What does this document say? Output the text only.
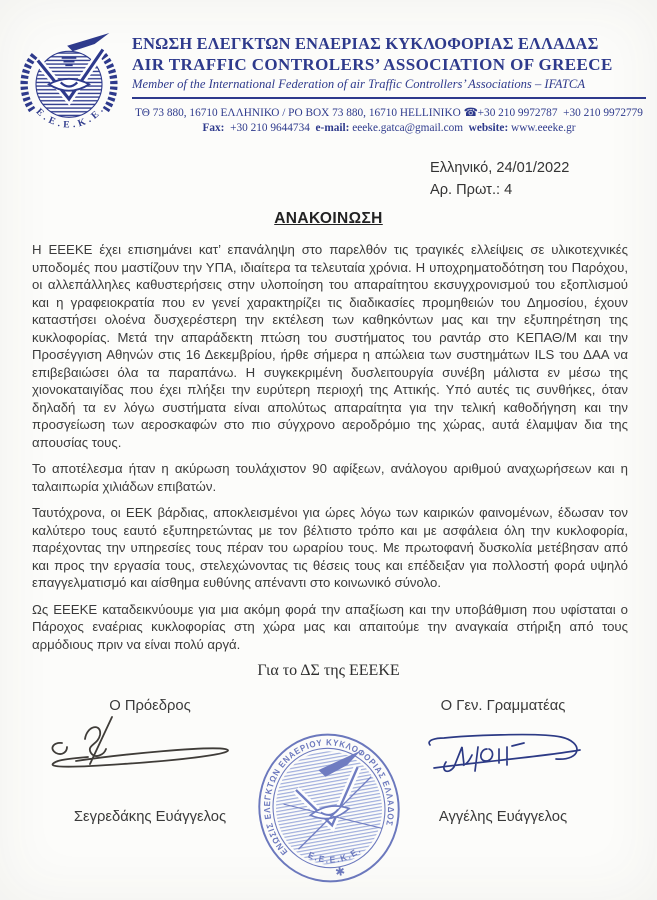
Ε.Ε.Ε.Κ.Ε.
ΕΝΩΣΗ ΕΛΕΓΚΤΩΝ ΕΝΑΕΡΙΑΣ ΚΥΚΛΟΦΟΡΙΑΣ ΕΛΛΑΔΑΣ
AIR TRAFFIC CONTROLERS’ ASSOCIATION OF GREECE
Member of the International Federation of air Traffic Controllers’ Associations – IFATCA
ΤΘ 73 880, 16710 ΕΛΛΗΝΙΚΟ / PO BOX 73 880, 16710 HELLINIKO ☎+30 210 9972787 +30 210 9972779
Fax: +30 210 9644734 e-mail: eeeke.gatca@gmail.com website: www.eeeke.gr
Ελληνικό, 24/01/2022
Αρ. Πρωτ.: 4
ΑΝΑΚΟΙΝΩΣΗ

Η ΕΕΕΚΕ έχει επισημάνει κατ’ επανάληψη στο παρελθόν τις τραγικές ελλείψεις σε υλικοτεχνικές υποδομές που μαστίζουν την ΥΠΑ, ιδιαίτερα τα τελευταία χρόνια. Η υποχρηματοδότηση του Παρόχου, οι αλλεπάλληλες καθυστερήσεις στην υλοποίηση του απαραίτητου εκσυγχρονισμού του εξοπλισμού και η γραφειοκρατία που εν γενεί χαρακτηρίζει τις διαδικασίες προμηθειών του Δημοσίου, έχουν καταστήσει ολοένα δυσχερέστερη την εκτέλεση των καθηκόντων μας και την εξυπηρέτηση της κυκλοφορίας. Μετά την απαράδεκτη πτώση του συστήματος του ραντάρ στο ΚΕΠΑΘ/Μ και την Προσέγγιση Αθηνών στις 16 Δεκεμβρίου, ήρθε σήμερα η απώλεια των συστημάτων ILS του ΔΑΑ να επιβεβαιώσει όλα τα παραπάνω. Η συγκεκριμένη δυσλειτουργία συνέβη μάλιστα εν μέσω της χιονοκαταιγίδας που έχει πλήξει την ευρύτερη περιοχή της Αττικής. Υπό αυτές τις συνθήκες, όταν δηλαδή τα εν λόγω συστήματα είναι απολύτως απαραίτητα για την τελική καθοδήγηση και την προσγείωση των αεροσκαφών στο πιο σύγχρονο αεροδρόμιο της χώρας, αυτά έλαμψαν δια της απουσίας τους.

Το αποτέλεσμα ήταν η ακύρωση τουλάχιστον 90 αφίξεων, ανάλογου αριθμού αναχωρήσεων και η ταλαιπωρία χιλιάδων επιβατών.

Ταυτόχρονα, οι ΕΕΚ βάρδιας, αποκλεισμένοι για ώρες λόγω των καιρικών φαινομένων, έδωσαν τον καλύτερο τους εαυτό εξυπηρετώντας με τον βέλτιστο τρόπο και με ασφάλεια όλη την κυκλοφορία, παρέχοντας την υπηρεσίες τους πέραν του ωραρίου τους. Με πρωτοφανή δυσκολία μετέβησαν από και προς την εργασία τους, στελεχώνοντας τις θέσεις τους και επέδειξαν για πολλοστή φορά υψηλό επαγγελματισμό και αίσθημα ευθύνης απέναντι στο κοινωνικό σύνολο.

Ως ΕΕΕΚΕ καταδεικνύουμε για μια ακόμη φορά την απαξίωση και την υποβάθμιση που υφίσταται ο Πάροχος εναέριας κυκλοφορίας στη χώρα μας και απαιτούμε την αναγκαία στήριξη από τους αρμόδιους πριν να είναι πολύ αργά.

Για το ΔΣ της ΕΕΕΚΕ
Ο Πρόεδρος	Ο Γεν. Γραμματέας
ΕΝΩΣΙΣ ΕΛΕΓΚΤΩΝ ΕΝΑΕΡΙΟΥ ΚΥΚΛΟΦΟΡΙΑΣ ΕΛΛΑΔΟΣ
Ε.Ε.Ε.Κ.Ε.
✱
Σεγρεδάκης Ευάγγελος	Αγγέλης Ευάγγελος
